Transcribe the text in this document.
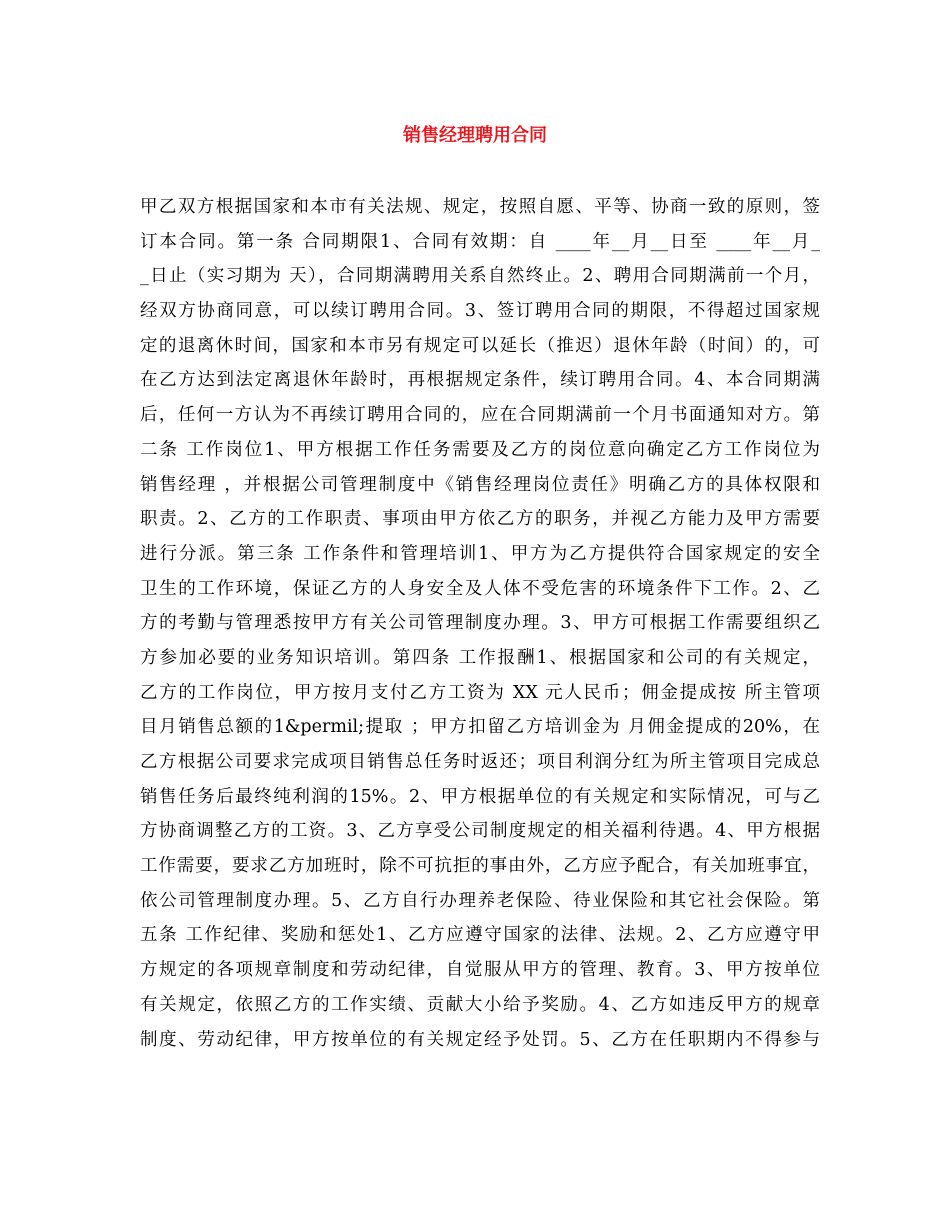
销售经理聘用合同
甲乙双方根据国家和本市有关法规、规定，按照自愿、平等、协商一致的原则，签
订本合同。第一条 合同期限1、合同有效期：自 ____年__月__日至 ____年__月_
_日止（实习期为 天），合同期满聘用关系自然终止。2、聘用合同期满前一个月，
经双方协商同意，可以续订聘用合同。3、签订聘用合同的期限，不得超过国家规
定的退离休时间，国家和本市另有规定可以延长（推迟）退休年龄（时间）的，可
在乙方达到法定离退休年龄时，再根据规定条件，续订聘用合同。4、本合同期满
后，任何一方认为不再续订聘用合同的，应在合同期满前一个月书面通知对方。第
二条 工作岗位1、甲方根据工作任务需要及乙方的岗位意向确定乙方工作岗位为
销售经理 ，并根据公司管理制度中《销售经理岗位责任》明确乙方的具体权限和
职责。2、乙方的工作职责、事项由甲方依乙方的职务，并视乙方能力及甲方需要
进行分派。第三条 工作条件和管理培训1、甲方为乙方提供符合国家规定的安全
卫生的工作环境，保证乙方的人身安全及人体不受危害的环境条件下工作。2、乙
方的考勤与管理悉按甲方有关公司管理制度办理。3、甲方可根据工作需要组织乙
方参加必要的业务知识培训。第四条 工作报酬1、根据国家和公司的有关规定，
乙方的工作岗位，甲方按月支付乙方工资为 XX 元人民币；佣金提成按 所主管项
目月销售总额的1&permil;提取 ；甲方扣留乙方培训金为 月佣金提成的20%，在
乙方根据公司要求完成项目销售总任务时返还；项目利润分红为所主管项目完成总
销售任务后最终纯利润的15%。2、甲方根据单位的有关规定和实际情况，可与乙
方协商调整乙方的工资。3、乙方享受公司制度规定的相关福利待遇。4、甲方根据
工作需要，要求乙方加班时，除不可抗拒的事由外，乙方应予配合，有关加班事宜，
依公司管理制度办理。5、乙方自行办理养老保险、待业保险和其它社会保险。第
五条 工作纪律、奖励和惩处1、乙方应遵守国家的法律、法规。2、乙方应遵守甲
方规定的各项规章制度和劳动纪律，自觉服从甲方的管理、教育。3、甲方按单位
有关规定，依照乙方的工作实绩、贡献大小给予奖励。4、乙方如违反甲方的规章
制度、劳动纪律，甲方按单位的有关规定经予处罚。5、乙方在任职期内不得参与
